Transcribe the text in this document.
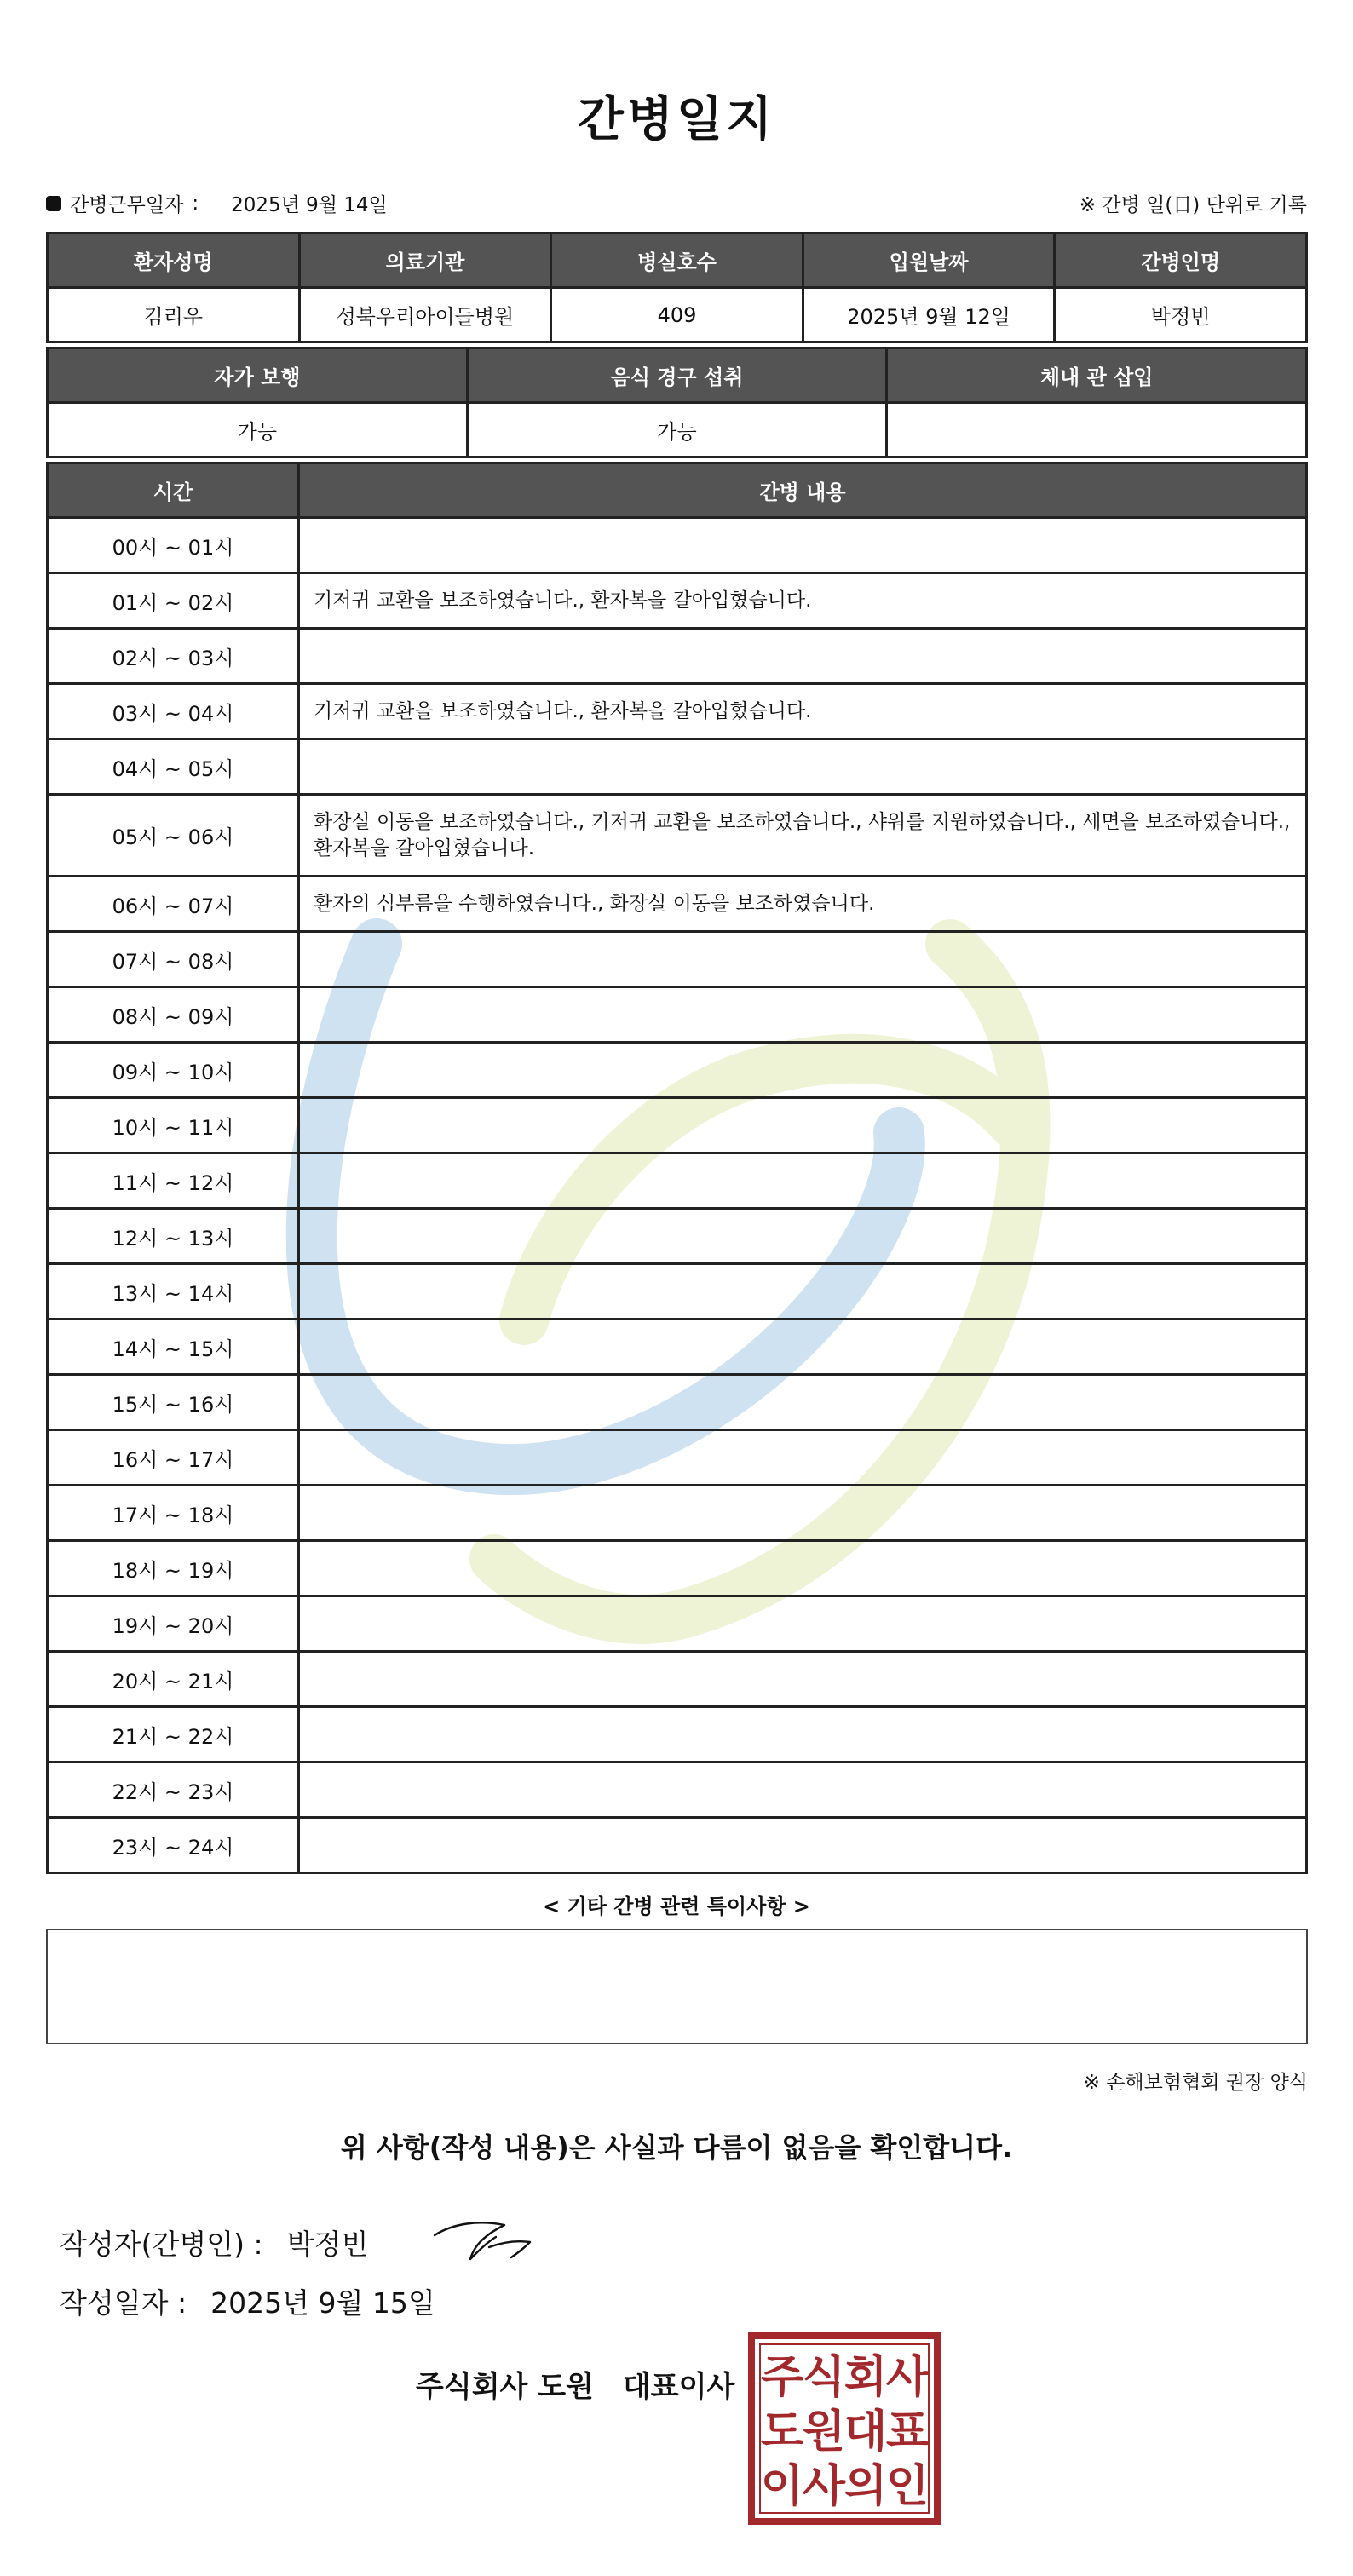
간병일지
간병근무일자 : 2025년 9월 14일	※ 간병 일(日) 단위로 기록
환자성명	의료기관	병실호수	입원날짜	간병인명
김리우	성북우리아이들병원	409	2025년 9월 12일	박정빈
자가 보행	음식 경구 섭취	체내 관 삽입
가능	가능	
시간	간병 내용
00시 ~ 01시	
01시 ~ 02시	기저귀 교환을 보조하였습니다., 환자복을 갈아입혔습니다.
02시 ~ 03시	
03시 ~ 04시	기저귀 교환을 보조하였습니다., 환자복을 갈아입혔습니다.
04시 ~ 05시	
05시 ~ 06시	화장실 이동을 보조하였습니다., 기저귀 교환을 보조하였습니다., 샤워를 지원하였습니다., 세면을 보조하였습니다., 환자복을 갈아입혔습니다.
06시 ~ 07시	환자의 심부름을 수행하였습니다., 화장실 이동을 보조하였습니다.
07시 ~ 08시	
08시 ~ 09시	
09시 ~ 10시	
10시 ~ 11시	
11시 ~ 12시	
12시 ~ 13시	
13시 ~ 14시	
14시 ~ 15시	
15시 ~ 16시	
16시 ~ 17시	
17시 ~ 18시	
18시 ~ 19시	
19시 ~ 20시	
20시 ~ 21시	
21시 ~ 22시	
22시 ~ 23시	
23시 ~ 24시	
< 기타 간병 관련 특이사항 >
※ 손해보험협회 권장 양식
위 사항(작성 내용)은 사실과 다름이 없음을 확인합니다.
작성자(간병인) : 박정빈
작성일자 : 2025년 9월 15일
주식회사 도원 대표이사 주
식
회
사
도
원
대
표
이
사
의
인
